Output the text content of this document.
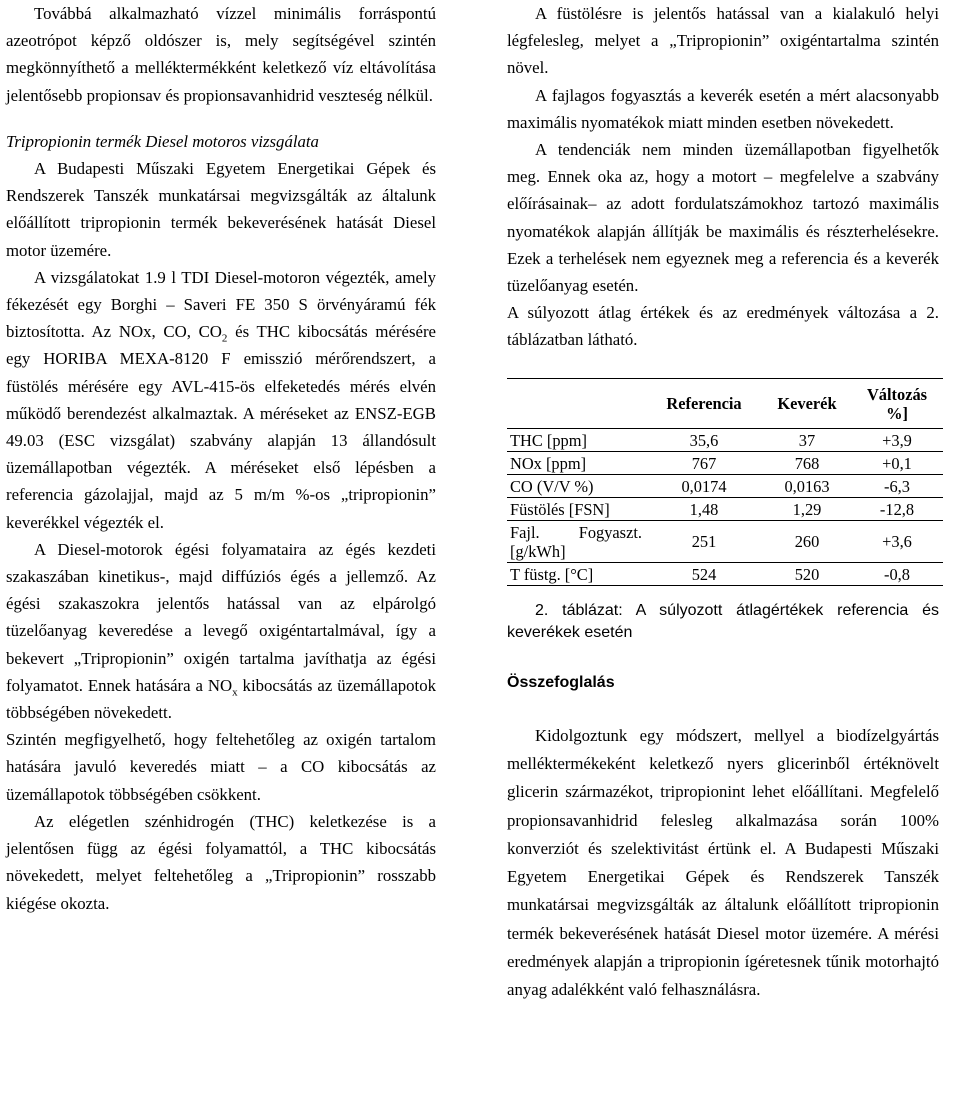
Továbbá alkalmazható vízzel minimális forráspontú azeotrópot képző oldószer is, mely segítségével szintén megkönnyíthető a melléktermékként keletkező víz eltávolítása jelentősebb propionsav és propionsavanhidrid veszteség nélkül.

Tripropionin termék Diesel motoros vizsgálata

A Budapesti Műszaki Egyetem Energetikai Gépek és Rendszerek Tanszék munkatársai megvizsgálták az általunk előállított tripropionin termék bekeverésének hatását Diesel motor üzemére.

A vizsgálatokat 1.9 l TDI Diesel-motoron végezték, amely fékezését egy Borghi – Saveri FE 350 S örvényáramú fék biztosította. Az NOx, CO, $CO_2$ és THC kibocsátás mérésére egy HORIBA MEXA-8120 F emisszió mérőrendszert, a füstölés mérésére egy AVL-415-ös elfeketedés mérés elvén működő berendezést alkalmaztak. A méréseket az ENSZ-EGB 49.03 (ESC vizsgálat) szabvány alapján 13 állandósult üzemállapotban végezték. A méréseket első lépésben a referencia gázolajjal, majd az 5 m/m %-os „tripropionin” keverékkel végezték el.

A Diesel-motorok égési folyamataira az égés kezdeti szakaszában kinetikus-, majd diffúziós égés a jellemző. Az égési szakaszokra jelentős hatással van az elpárolgó tüzelőanyag keveredése a levegő oxigéntartalmával, így a bekevert „Tripropionin” oxigén tartalma javíthatja az égési folyamatot. Ennek hatására a $NO_x$ kibocsátás az üzemállapotok többségében növekedett.

Szintén megfigyelhető, hogy feltehetőleg az oxigén tartalom hatására javuló keveredés miatt – a CO kibocsátás az üzemállapotok többségében csökkent.

Az elégetlen szénhidrogén (THC) keletkezése is a jelentősen függ az égési folyamattól, a THC kibocsátás növekedett, melyet feltehetőleg a „Tripropionin” rosszabb kiégése okozta.

A füstölésre is jelentős hatással van a kialakuló helyi légfelesleg, melyet a „Tripropionin” oxigéntartalma szintén növel.

A fajlagos fogyasztás a keverék esetén a mért alacsonyabb maximális nyomatékok miatt minden esetben növekedett.

A tendenciák nem minden üzemállapotban figyelhetők meg. Ennek oka az, hogy a motort – megfelelve a szabvány előírásainak– az adott fordulatszámokhoz tartozó maximális nyomatékok alapján állítják be maximális és részterhelésekre. Ezek a terhelések nem egyeznek meg a referencia és a keverék tüzelőanyag esetén.

A súlyozott átlag értékek és az eredmények változása a 2. táblázatban látható.

	Referencia	Keverék	Változás %]
THC [ppm]	35,6	37	+3,9
NOx [ppm]	767	768	+0,1
CO (V/V %)	0,0174	0,0163	-6,3
Füstölés [FSN]	1,48	1,29	-12,8
Fajl. Fogyaszt. [g/kWh]	251	260	+3,6
T füstg. [°C]	524	520	-0,8

2. táblázat: A súlyozott átlagértékek referencia és keverékek esetén

Összefoglalás

Kidolgoztunk egy módszert, mellyel a biodízelgyártás melléktermékeként keletkező nyers glicerinből értéknövelt glicerin származékot, tripropionint lehet előállítani. Megfelelő propionsavanhidrid felesleg alkalmazása során 100% konverziót és szelektivitást értünk el. A Budapesti Műszaki Egyetem Energetikai Gépek és Rendszerek Tanszék munkatársai megvizsgálták az általunk előállított tripropionin termék bekeverésének hatását Diesel motor üzemére. A mérési eredmények alapján a tripropionin ígéretesnek tűnik motorhajtó anyag adalékként való felhasználásra.
